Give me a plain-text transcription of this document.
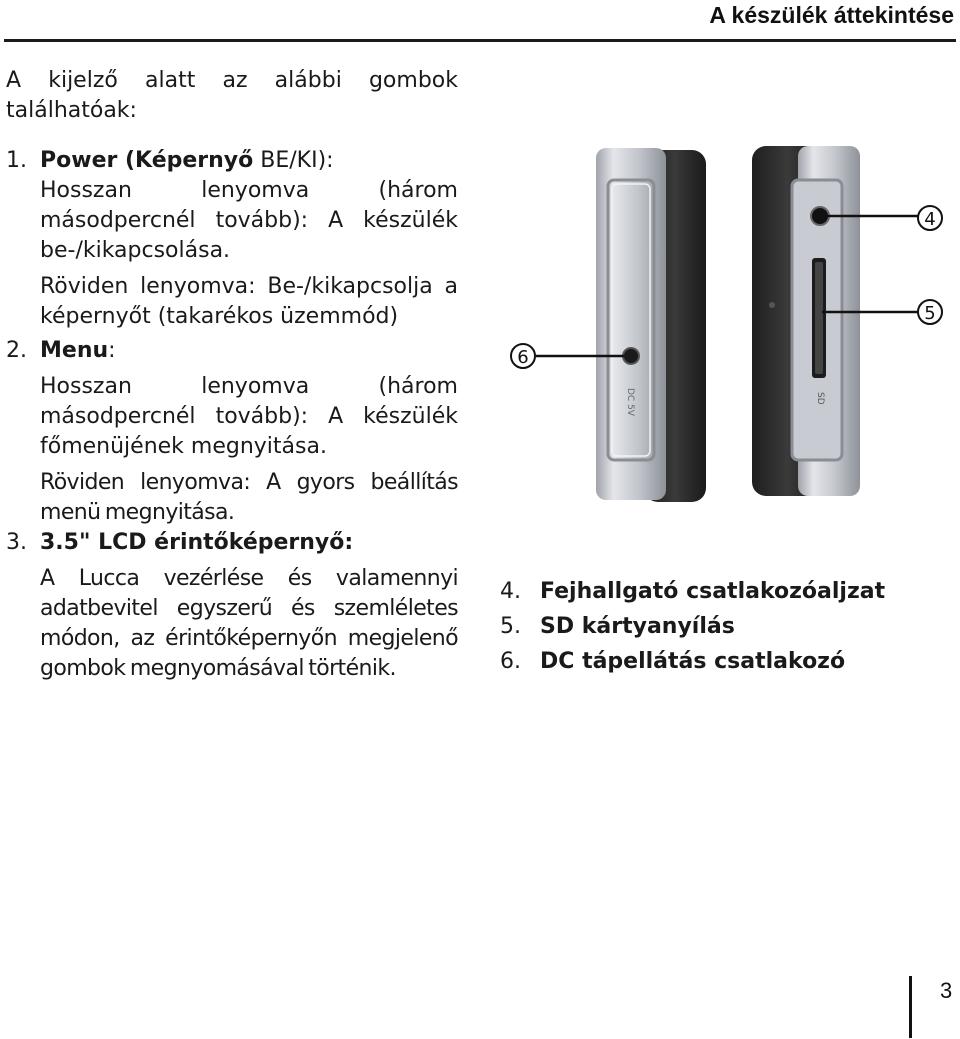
A készülék áttekintése

A kijelző alatt az alábbi gombok találhatóak:

1. Power (Képernyő BE/KI):

Hosszan lenyomva (három másodpercnél tovább): A készülék be-/kikapcsolása.

Röviden lenyomva: Be-/kikapcsolja a képernyőt (takarékos üzemmód)

2. Menu:

Hosszan lenyomva (három másodpercnél tovább): A készülék főmenüjének megnyitása.

Röviden lenyomva: A gyors beállítás menü megnyitása.

3. 3.5" LCD érintőképernyő:

A Lucca vezérlése és valamennyi adatbevitel egyszerű és szemléletes módon, az érintőképernyőn megjelenő gombok megnyomásával történik.

DC 5V	SD
4
5
6
4. Fejhallgató csatlakozóaljzat
5. SD kártyanyílás
6. DC tápellátás csatlakozó
3
